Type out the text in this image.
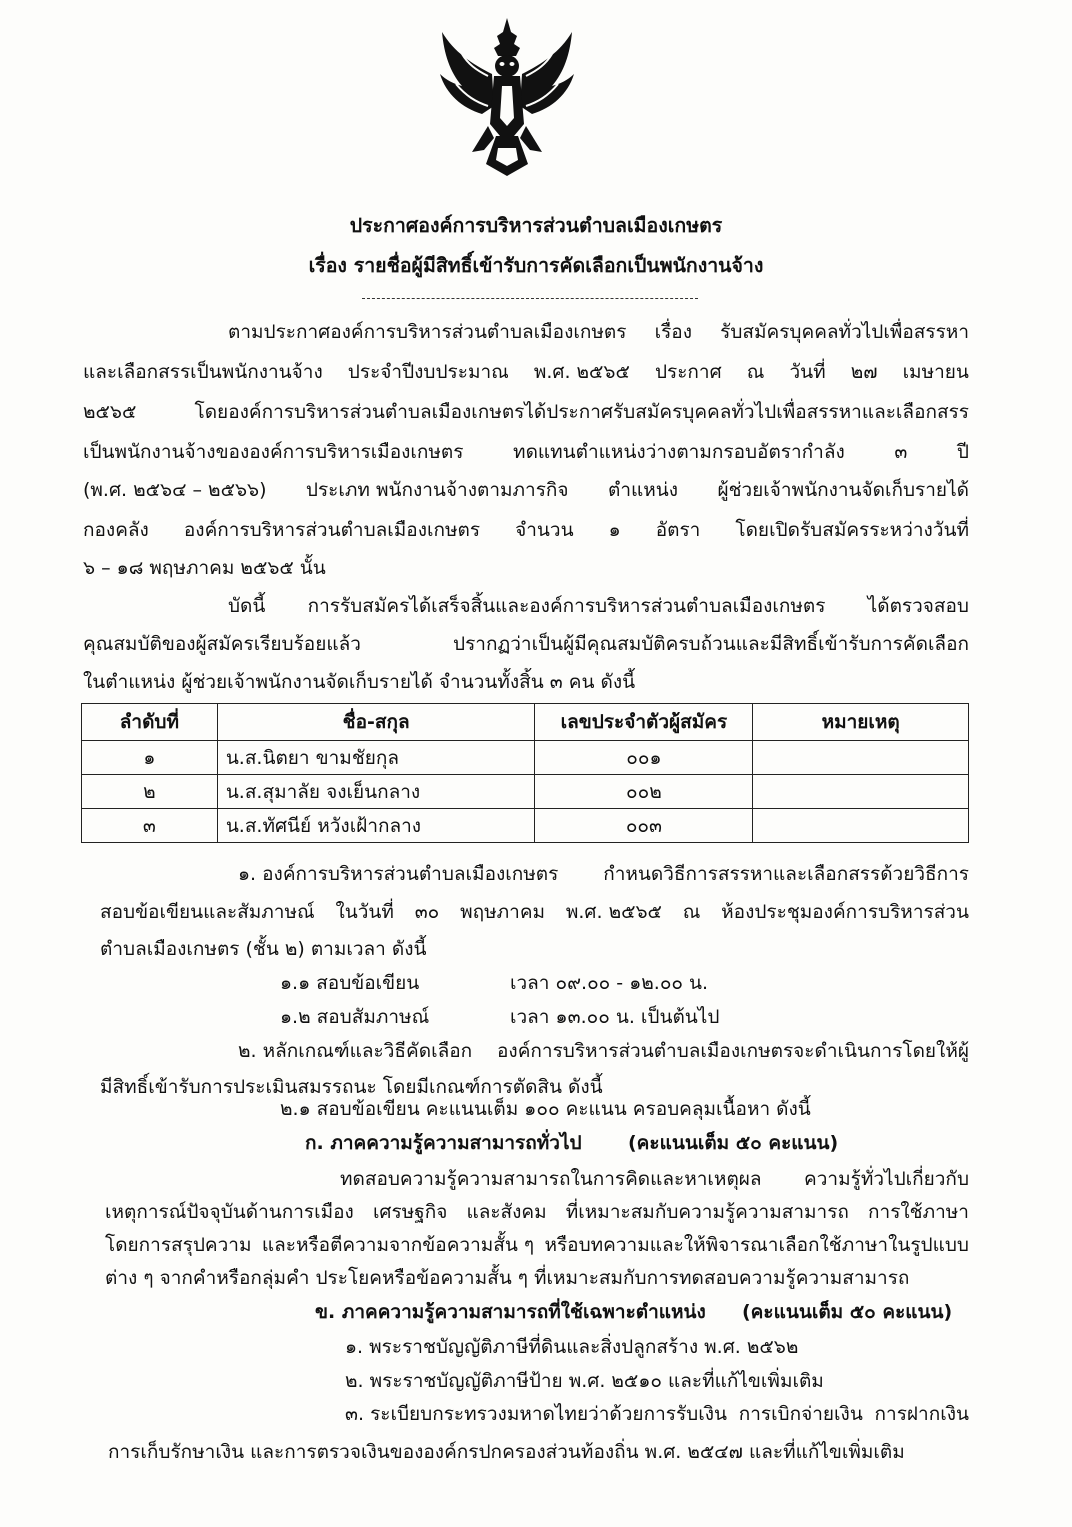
ประกาศองค์การบริหารส่วนตำบลเมืองเกษตร
เรื่อง รายชื่อผู้มีสิทธิ์เข้ารับการคัดเลือกเป็นพนักงานจ้าง
ตามประกาศองค์การบริหารส่วนตำบลเมืองเกษตร เรื่อง รับสมัครบุคคลทั่วไปเพื่อสรรหา
และเลือกสรรเป็นพนักงานจ้าง ประจำปีงบประมาณ พ.ศ. ๒๕๖๕ ประกาศ ณ วันที่ ๒๗ เมษายน
๒๕๖๕	โดยองค์การบริหารส่วนตำบลเมืองเกษตรได้ประกาศรับสมัครบุคคลทั่วไปเพื่อสรรหาและเลือกสรร
เป็นพนักงานจ้างขององค์การบริหารเมืองเกษตร	ทดแทนตำแหน่งว่างตามกรอบอัตรากำลัง	๓	ปี
(พ.ศ. ๒๕๖๔ – ๒๕๖๖) ประเภท พนักงานจ้างตามภารกิจ ตำแหน่ง ผู้ช่วยเจ้าพนักงานจัดเก็บรายได้
กองคลัง องค์การบริหารส่วนตำบลเมืองเกษตร จำนวน ๑ อัตรา โดยเปิดรับสมัครระหว่างวันที่
๖ – ๑๘ พฤษภาคม ๒๕๖๕ นั้น
บัดนี้ การรับสมัครได้เสร็จสิ้นและองค์การบริหารส่วนตำบลเมืองเกษตร ได้ตรวจสอบ
คุณสมบัติของผู้สมัครเรียบร้อยแล้ว	ปรากฏว่าเป็นผู้มีคุณสมบัติครบถ้วนและมีสิทธิ์เข้ารับการคัดเลือก
ในตำแหน่ง ผู้ช่วยเจ้าพนักงานจัดเก็บรายได้ จำนวนทั้งสิ้น ๓ คน ดังนี้
ลำดับที่	ชื่อ-สกุล	เลขประจำตัวผู้สมัคร	หมายเหตุ
๑	น.ส.นิตยา ขามชัยกุล	๐๐๑	
๒	น.ส.สุมาลัย จงเย็นกลาง	๐๐๒	
๓	น.ส.ทัศนีย์ หวังเฝ้ากลาง	๐๐๓	
๑. องค์การบริหารส่วนตำบลเมืองเกษตร กำหนดวิธีการสรรหาและเลือกสรรด้วยวิธีการ
สอบข้อเขียนและสัมภาษณ์ ในวันที่ ๓๐ พฤษภาคม พ.ศ. ๒๕๖๕ ณ ห้องประชุมองค์การบริหารส่วน
ตำบลเมืองเกษตร (ชั้น ๒) ตามเวลา ดังนี้
๑.๑ สอบข้อเขียน	เวลา ๐๙.๐๐ - ๑๒.๐๐ น.
๑.๒ สอบสัมภาษณ์	เวลา ๑๓.๐๐ น. เป็นต้นไป
๒. หลักเกณฑ์และวิธีคัดเลือก องค์การบริหารส่วนตำบลเมืองเกษตรจะดำเนินการโดยให้ผู้
มีสิทธิ์เข้ารับการประเมินสมรรถนะ โดยมีเกณฑ์การตัดสิน ดังนี้
๒.๑ สอบข้อเขียน คะแนนเต็ม ๑๐๐ คะแนน ครอบคลุมเนื้อหา ดังนี้
ก. ภาคความรู้ความสามารถทั่วไป (คะแนนเต็ม ๕๐ คะแนน)
ทดสอบความรู้ความสามารถในการคิดและหาเหตุผล ความรู้ทั่วไปเกี่ยวกับ
เหตุการณ์ปัจจุบันด้านการเมือง เศรษฐกิจ และสังคม ที่เหมาะสมกับความรู้ความสามารถ การใช้ภาษา
โดยการสรุปความ และหรือตีความจากข้อความสั้น ๆ หรือบทความและให้พิจารณาเลือกใช้ภาษาในรูปแบบ
ต่าง ๆ จากคำหรือกลุ่มคำ ประโยคหรือข้อความสั้น ๆ ที่เหมาะสมกับการทดสอบความรู้ความสามารถ
ข. ภาคความรู้ความสามารถที่ใช้เฉพาะตำแหน่ง (คะแนนเต็ม ๕๐ คะแนน)
๑. พระราชบัญญัติภาษีที่ดินและสิ่งปลูกสร้าง พ.ศ. ๒๕๖๒
๒. พระราชบัญญัติภาษีป้าย พ.ศ. ๒๕๑๐ และที่แก้ไขเพิ่มเติม
๓. ระเบียบกระทรวงมหาดไทยว่าด้วยการรับเงิน การเบิกจ่ายเงิน การฝากเงิน
การเก็บรักษาเงิน และการตรวจเงินขององค์กรปกครองส่วนท้องถิ่น พ.ศ. ๒๕๔๗ และที่แก้ไขเพิ่มเติม
